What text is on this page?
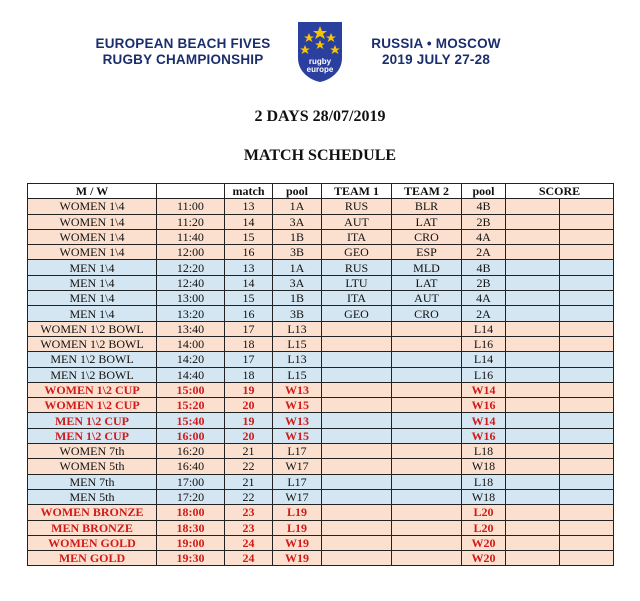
EUROPEAN BEACH FIVES
RUGBY CHAMPIONSHIP	rugby
europe
RUSSIA • MOSCOW
2019 JULY 27-28
2 DAYS 28/07/2019
MATCH SCHEDULE
M / W		match	pool	TEAM 1	TEAM 2	pool	SCORE	
WOMEN 1\4	11:00	13	1A	RUS	BLR	4B		
WOMEN 1\4	11:20	14	3A	AUT	LAT	2B		
WOMEN 1\4	11:40	15	1B	ITA	CRO	4A		
WOMEN 1\4	12:00	16	3B	GEO	ESP	2A		
MEN 1\4	12:20	13	1A	RUS	MLD	4B		
MEN 1\4	12:40	14	3A	LTU	LAT	2B		
MEN 1\4	13:00	15	1B	ITA	AUT	4A		
MEN 1\4	13:20	16	3B	GEO	CRO	2A		
WOMEN 1\2 BOWL	13:40	17	L13			L14		
WOMEN 1\2 BOWL	14:00	18	L15			L16		
MEN 1\2 BOWL	14:20	17	L13			L14		
MEN 1\2 BOWL	14:40	18	L15			L16		
WOMEN 1\2 CUP	15:00	19	W13			W14		
WOMEN 1\2 CUP	15:20	20	W15			W16		
MEN 1\2 CUP	15:40	19	W13			W14		
MEN 1\2 CUP	16:00	20	W15			W16		
WOMEN 7th	16:20	21	L17			L18		
WOMEN 5th	16:40	22	W17			W18		
MEN 7th	17:00	21	L17			L18		
MEN 5th	17:20	22	W17			W18		
WOMEN BRONZE	18:00	23	L19			L20		
MEN BRONZE	18:30	23	L19			L20		
WOMEN GOLD	19:00	24	W19			W20		
MEN GOLD	19:30	24	W19			W20		
